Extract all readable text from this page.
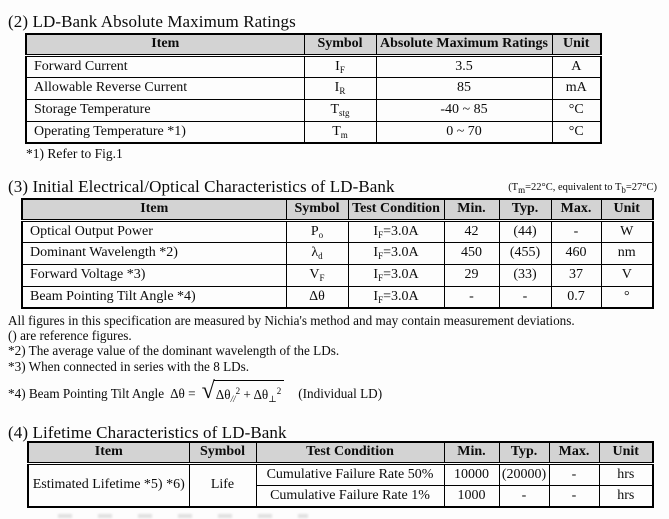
(2) LD-Bank Absolute Maximum Ratings
Item	Symbol	Absolute Maximum Ratings	Unit
Forward Current	$I_F$	3.5	A
Allowable Reverse Current	$I_R$	85	mA
Storage Temperature	$T_{stg}$	-40 ~ 85	°C
Operating Temperature *1)	$T_m$	0 ~ 70	°C
*1) Refer to Fig.1
(3) Initial Electrical/Optical Characteristics of LD-Bank	($T_m=22^\circ C$, equivalent to $T_b=27^\circ C$)
Item	Symbol	Test Condition	Min.	Typ.	Max.	Unit
Optical Output Power	$P_o$	$I_F=3.0A$	42	(44)	-	W
Dominant Wavelength *2)	$\lambda_d$	$I_F=3.0A$	450	(455)	460	nm
Forward Voltage *3)	$V_F$	$I_F=3.0A$	29	(33)	37	V
Beam Pointing Tilt Angle *4)	Δθ	$I_F=3.0A$	-	-	0.7	°
All figures in this specification are measured by Nichia's method and may contain measurement deviations.
() are reference figures.
*2) The average value of the dominant wavelength of the LDs.
*3) When connected in series with the 8 LDs.
*4) Beam Pointing Tilt Angle Δθ = √ $\Delta\theta_{//}^2 + \Delta\theta_\perp^2$ (Individual LD)
(4) Lifetime Characteristics of LD-Bank
Item	Symbol	Test Condition	Min.	Typ.	Max.	Unit
Estimated Lifetime *5) *6)	Life	Cumulative Failure Rate 50%	10000	(20000)	-	hrs
		Cumulative Failure Rate 1%	1000	-	-	hrs
